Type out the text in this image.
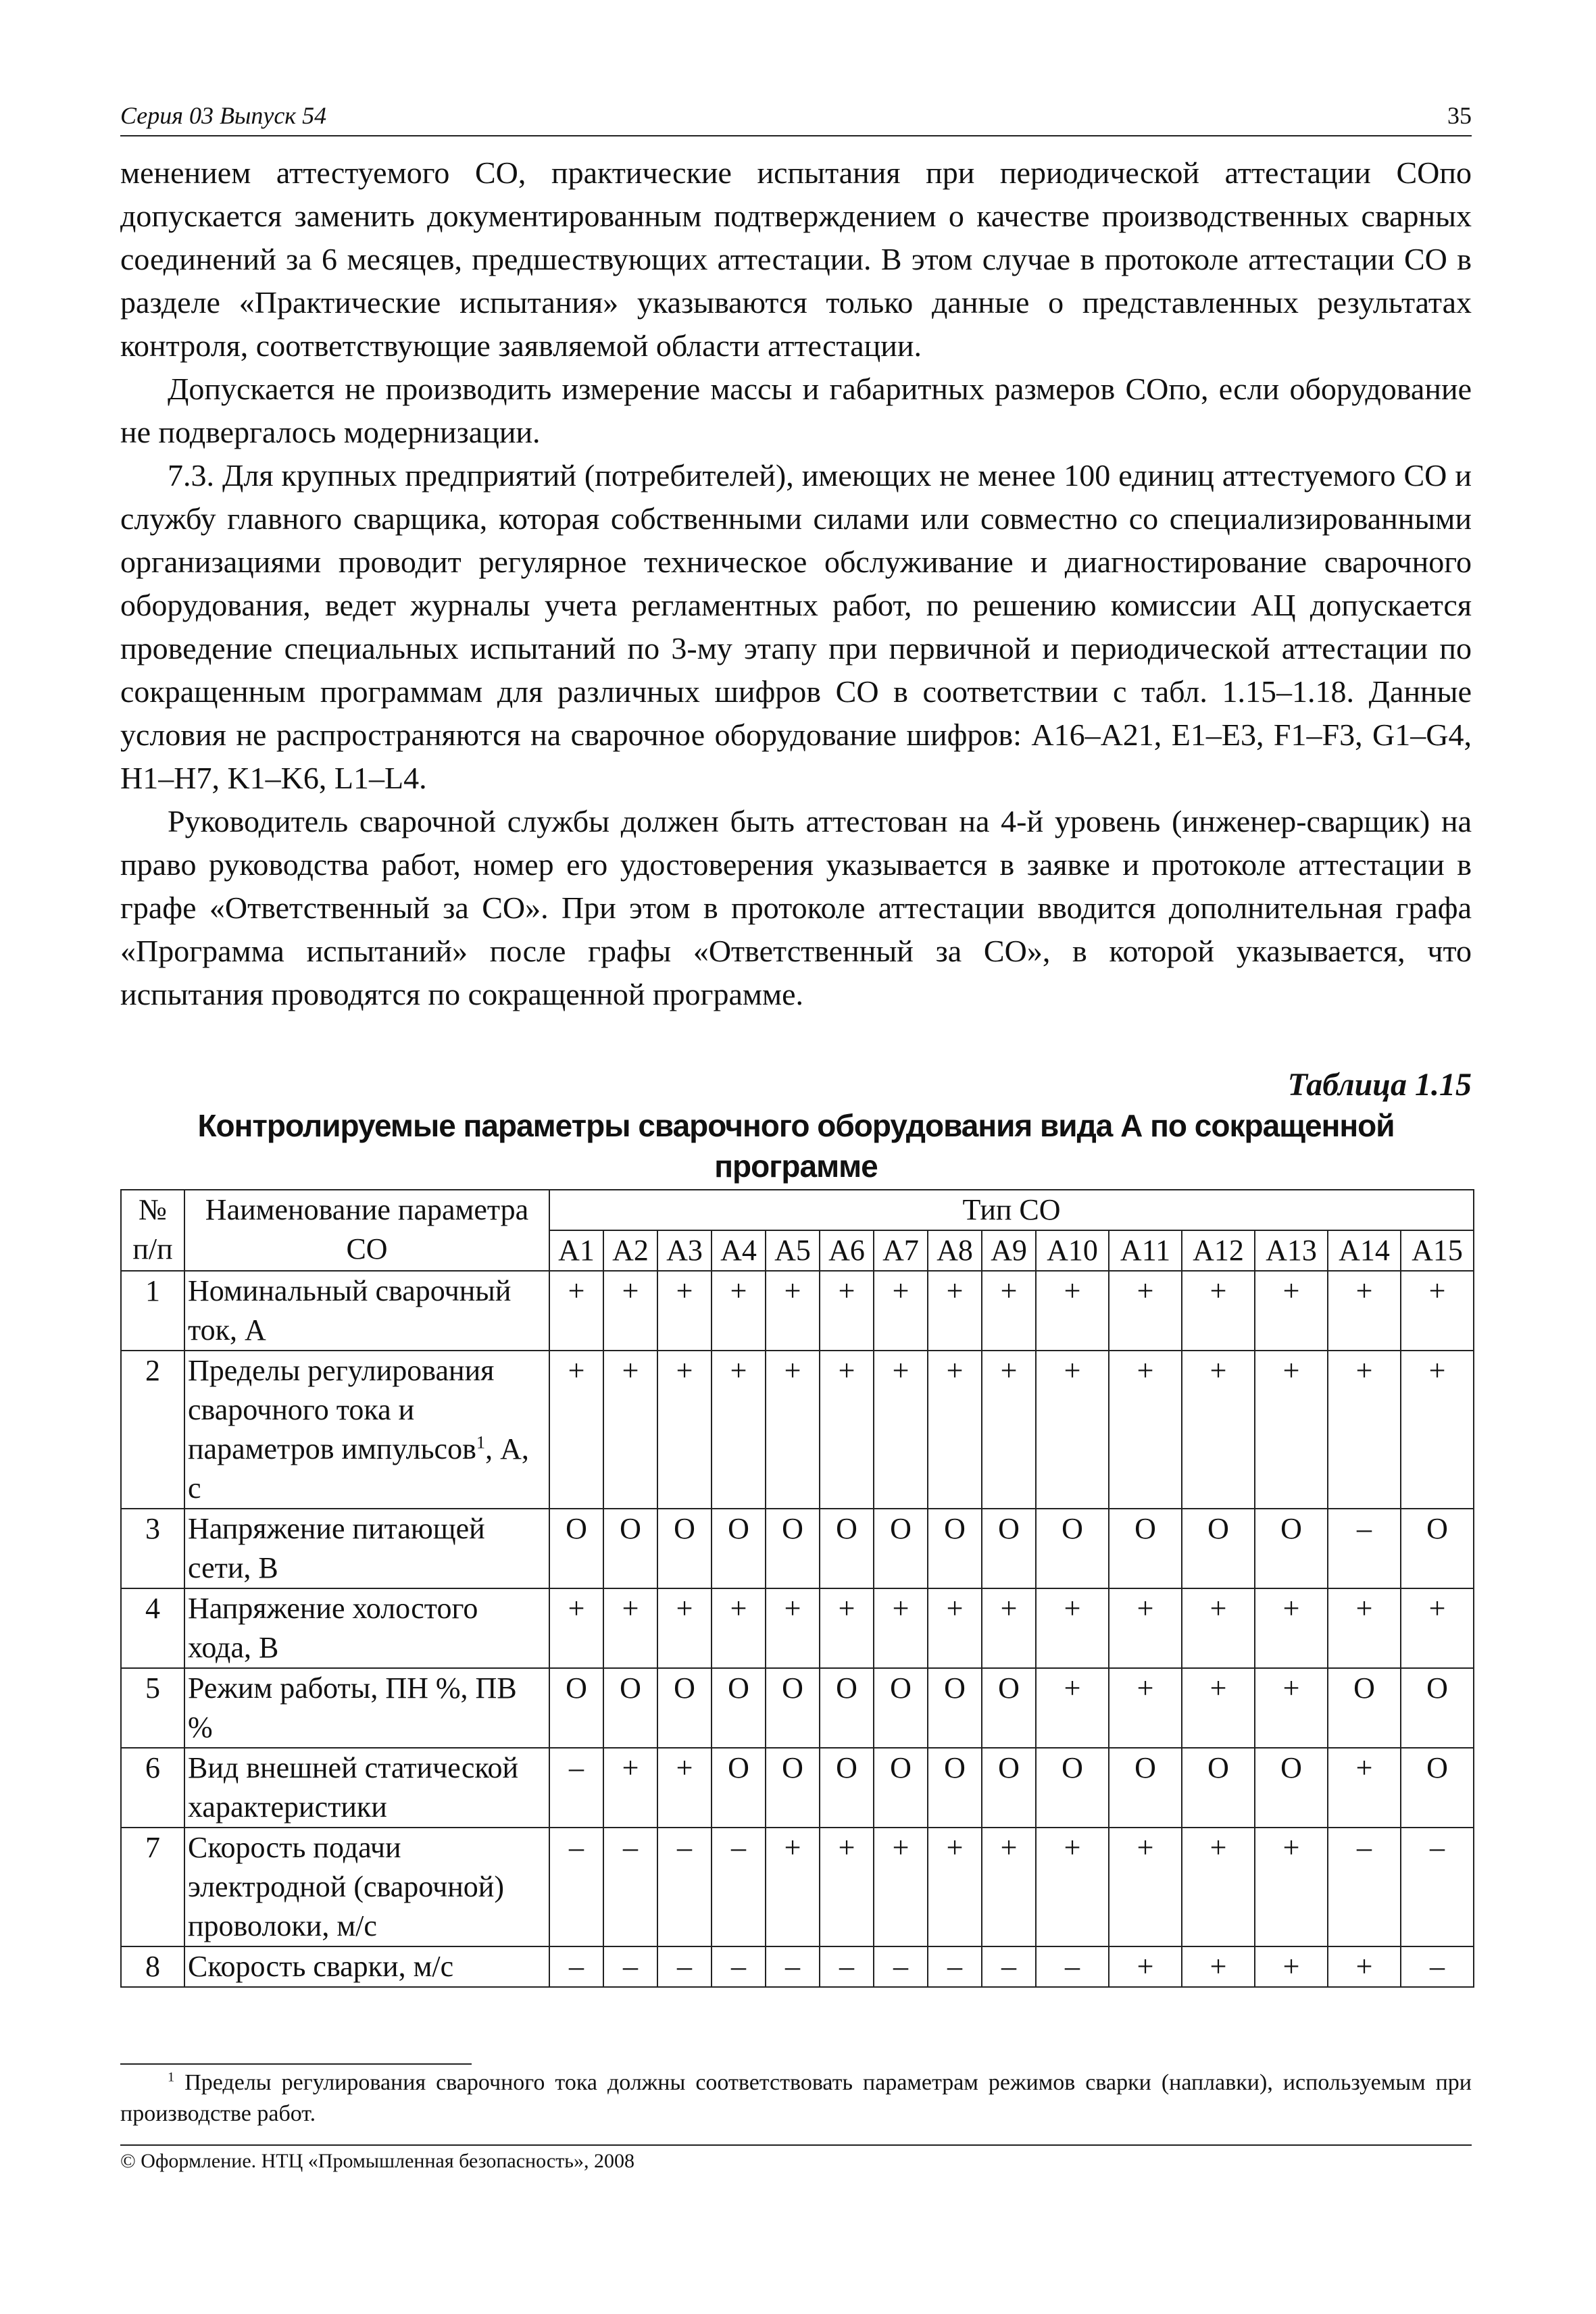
Серия 03 Выпуск 54	35

менением аттестуемого СО, практические испытания при периодической аттестации СОпо допускается заменить документированным подтверждением о качестве производственных сварных соединений за 6 месяцев, предшествующих аттестации. В этом случае в протоколе аттестации СО в разделе «Практические испытания» указываются только данные о представленных результатах контроля, соответствующие заявляемой области аттестации.

Допускается не производить измерение массы и габаритных размеров СОпо, если оборудование не подвергалось модернизации.

7.3. Для крупных предприятий (потребителей), имеющих не менее 100 единиц аттестуемого СО и службу главного сварщика, которая собственными силами или совместно со специализированными организациями проводит регулярное техническое обслуживание и диагностирование сварочного оборудования, ведет журналы учета регламентных работ, по решению комиссии АЦ допускается проведение специальных испытаний по 3-му этапу при первичной и периодической аттестации по сокращенным программам для различных шифров СО в соответствии с табл. 1.15–1.18. Данные условия не распространяются на сварочное оборудование шифров: A16–A21, E1–E3, F1–F3, G1–G4, H1–H7, K1–K6, L1–L4.

Руководитель сварочной службы должен быть аттестован на 4-й уровень (инженер-сварщик) на право руководства работ, номер его удостоверения указывается в заявке и протоколе аттестации в графе «Ответственный за СО». При этом в протоколе аттестации вводится дополнительная графа «Программа испытаний» после графы «Ответственный за СО», в которой указывается, что испытания проводятся по сокращенной программе.

Таблица 1.15
Контролируемые параметры сварочного оборудования вида А по сокращенной программе
№ п/п	Наименование параметра СО	Тип СО														
		A1	A2	A3	A4	A5	A6	A7	A8	A9	A10	A11	A12	A13	A14	A15
1	Номинальный сварочный ток, А	+	+	+	+	+	+	+	+	+	+	+	+	+	+	+
2	Пределы регулирования сварочного тока и параметров импульсов$^1$, А, с	+	+	+	+	+	+	+	+	+	+	+	+	+	+	+
3	Напряжение питающей сети, В	О	О	О	О	О	О	О	О	О	О	О	О	О	–	О
4	Напряжение холостого хода, В	+	+	+	+	+	+	+	+	+	+	+	+	+	+	+
5	Режим работы, ПН %, ПВ %	О	О	О	О	О	О	О	О	О	+	+	+	+	О	О
6	Вид внешней статической характеристики	–	+	+	О	О	О	О	О	О	О	О	О	О	+	О
7	Скорость подачи электродной (сварочной) проволоки, м/с	–	–	–	–	+	+	+	+	+	+	+	+	+	–	–
8	Скорость сварки, м/с	–	–	–	–	–	–	–	–	–	–	+	+	+	+	–
$^1$ Пределы регулирования сварочного тока должны соответствовать параметрам режимов сварки (наплавки), используемым при производстве работ.
© Оформление. НТЦ «Промышленная безопасность», 2008
